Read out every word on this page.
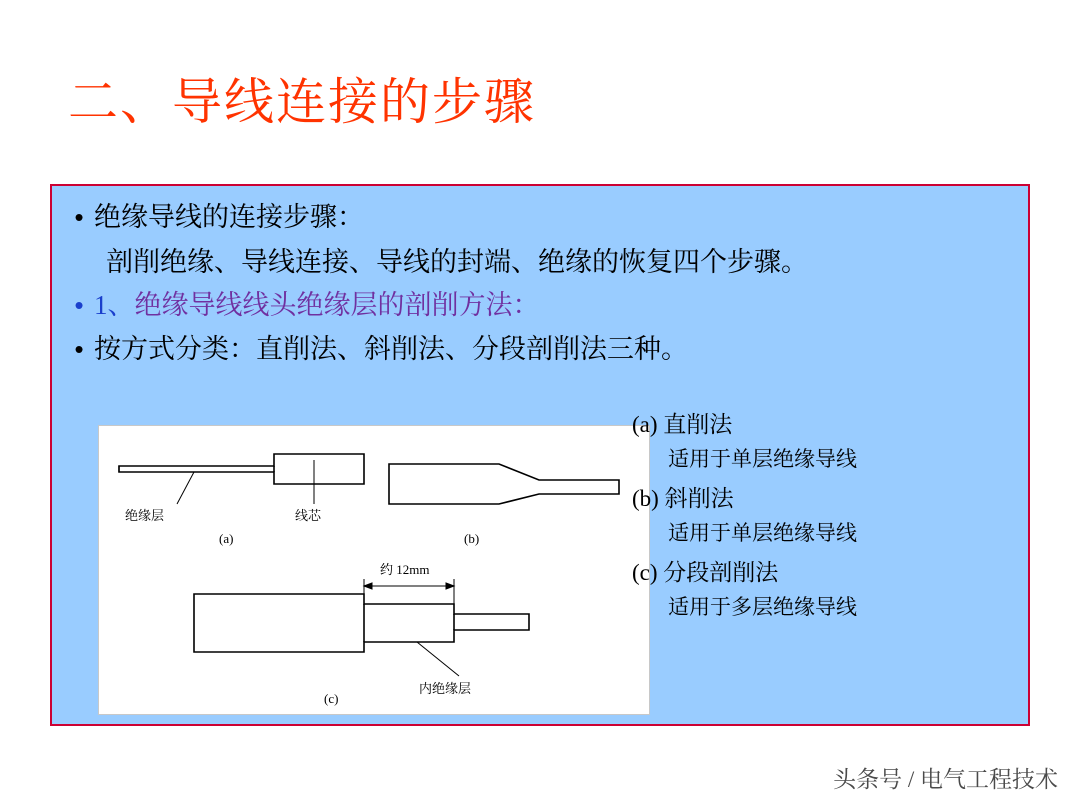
二、导线连接的步骤
• 绝缘导线的连接步骤：
剖削绝缘、导线连接、导线的封端、绝缘的恢复四个步骤。
• 1、绝缘导线线头绝缘层的剖削方法：
• 按方式分类：直削法、斜削法、分段剖削法三种。
绝缘层	线芯
约 12mm
内绝缘层
(a)	(b)
(c)
(a) 直削法
适用于单层绝缘导线
(b) 斜削法
适用于单层绝缘导线
(c) 分段剖削法
适用于多层绝缘导线
头条号 / 电气工程技术
